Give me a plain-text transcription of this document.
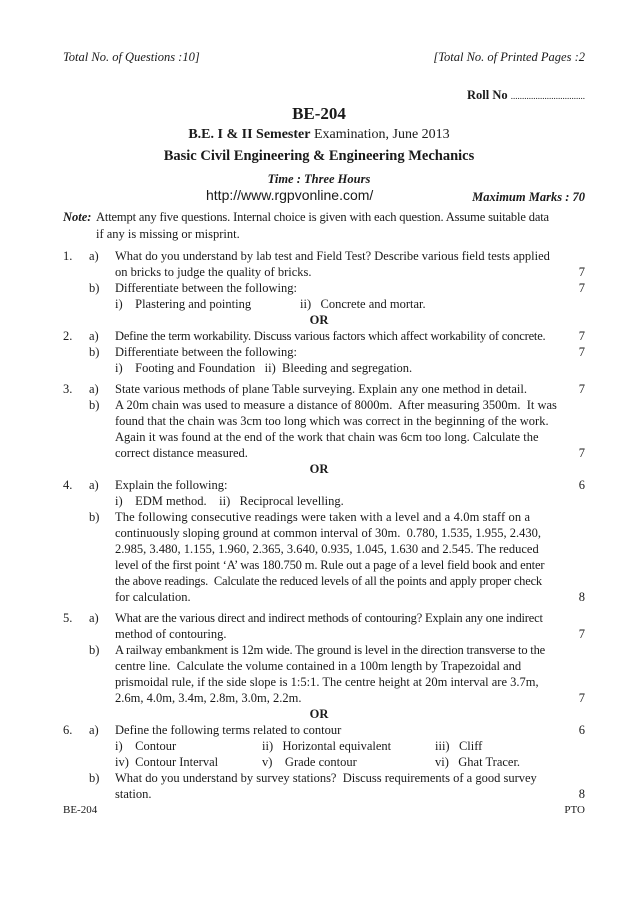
Total No. of Questions :10]	[Total No. of Printed Pages :2
Roll No .................................
BE-204
B.E. I & II Semester Examination, June 2013
Basic Civil Engineering & Engineering Mechanics
Time : Three Hours
http://www.rgpvonline.com/	Maximum Marks : 70
Note: Attempt any five questions. Internal choice is given with each question. Assume suitable data
if any is missing or misprint.
1. a) What do you understand by lab test and Field Test? Describe various field tests applied
on bricks to judge the quality of bricks.	7
b) Differentiate between the following:	7
i)    Plastering and pointing	ii)   Concrete and mortar.
OR
2. a) Define the term workability. Discuss various factors which affect workability of concrete.	7
b) Differentiate between the following:	7
i)    Footing and Foundation   ii)  Bleeding and segregation.
3. a) State various methods of plane Table surveying. Explain any one method in detail.	7
b) A 20m chain was used to measure a distance of 8000m.  After measuring 3500m.  It was
found that the chain was 3cm too long which was correct in the beginning of the work.
Again it was found at the end of the work that chain was 6cm too long. Calculate the
correct distance measured.	7
OR
4. a) Explain the following:	6
i)    EDM method.    ii)   Reciprocal levelling.
b) The following consecutive readings were taken with a level and a 4.0m staff on a
continuously sloping ground at common interval of 30m.  0.780, 1.535, 1.955, 2.430,
2.985, 3.480, 1.155, 1.960, 2.365, 3.640, 0.935, 1.045, 1.630 and 2.545. The reduced
level of the first point ‘A’ was 180.750 m. Rule out a page of a level field book and enter
the above readings.  Calculate the reduced levels of all the points and apply proper check
for calculation.	8
5. a) What are the various direct and indirect methods of contouring? Explain any one indirect
method of contouring.	7
b) A railway embankment is 12m wide. The ground is level in the direction transverse to the
centre line.  Calculate the volume contained in a 100m length by Trapezoidal and
prismoidal rule, if the side slope is 1:5:1. The centre height at 20m interval are 3.7m,
2.6m, 4.0m, 3.4m, 2.8m, 3.0m, 2.2m.	7
OR
6. a) Define the following terms related to contour	6
i)    Contour	ii)   Horizontal equivalent	iii)   Cliff
iv)  Contour Interval	v)    Grade contour	vi)   Ghat Tracer.
b) What do you understand by survey stations?  Discuss requirements of a good survey
station.	8
BE-204	PTO
